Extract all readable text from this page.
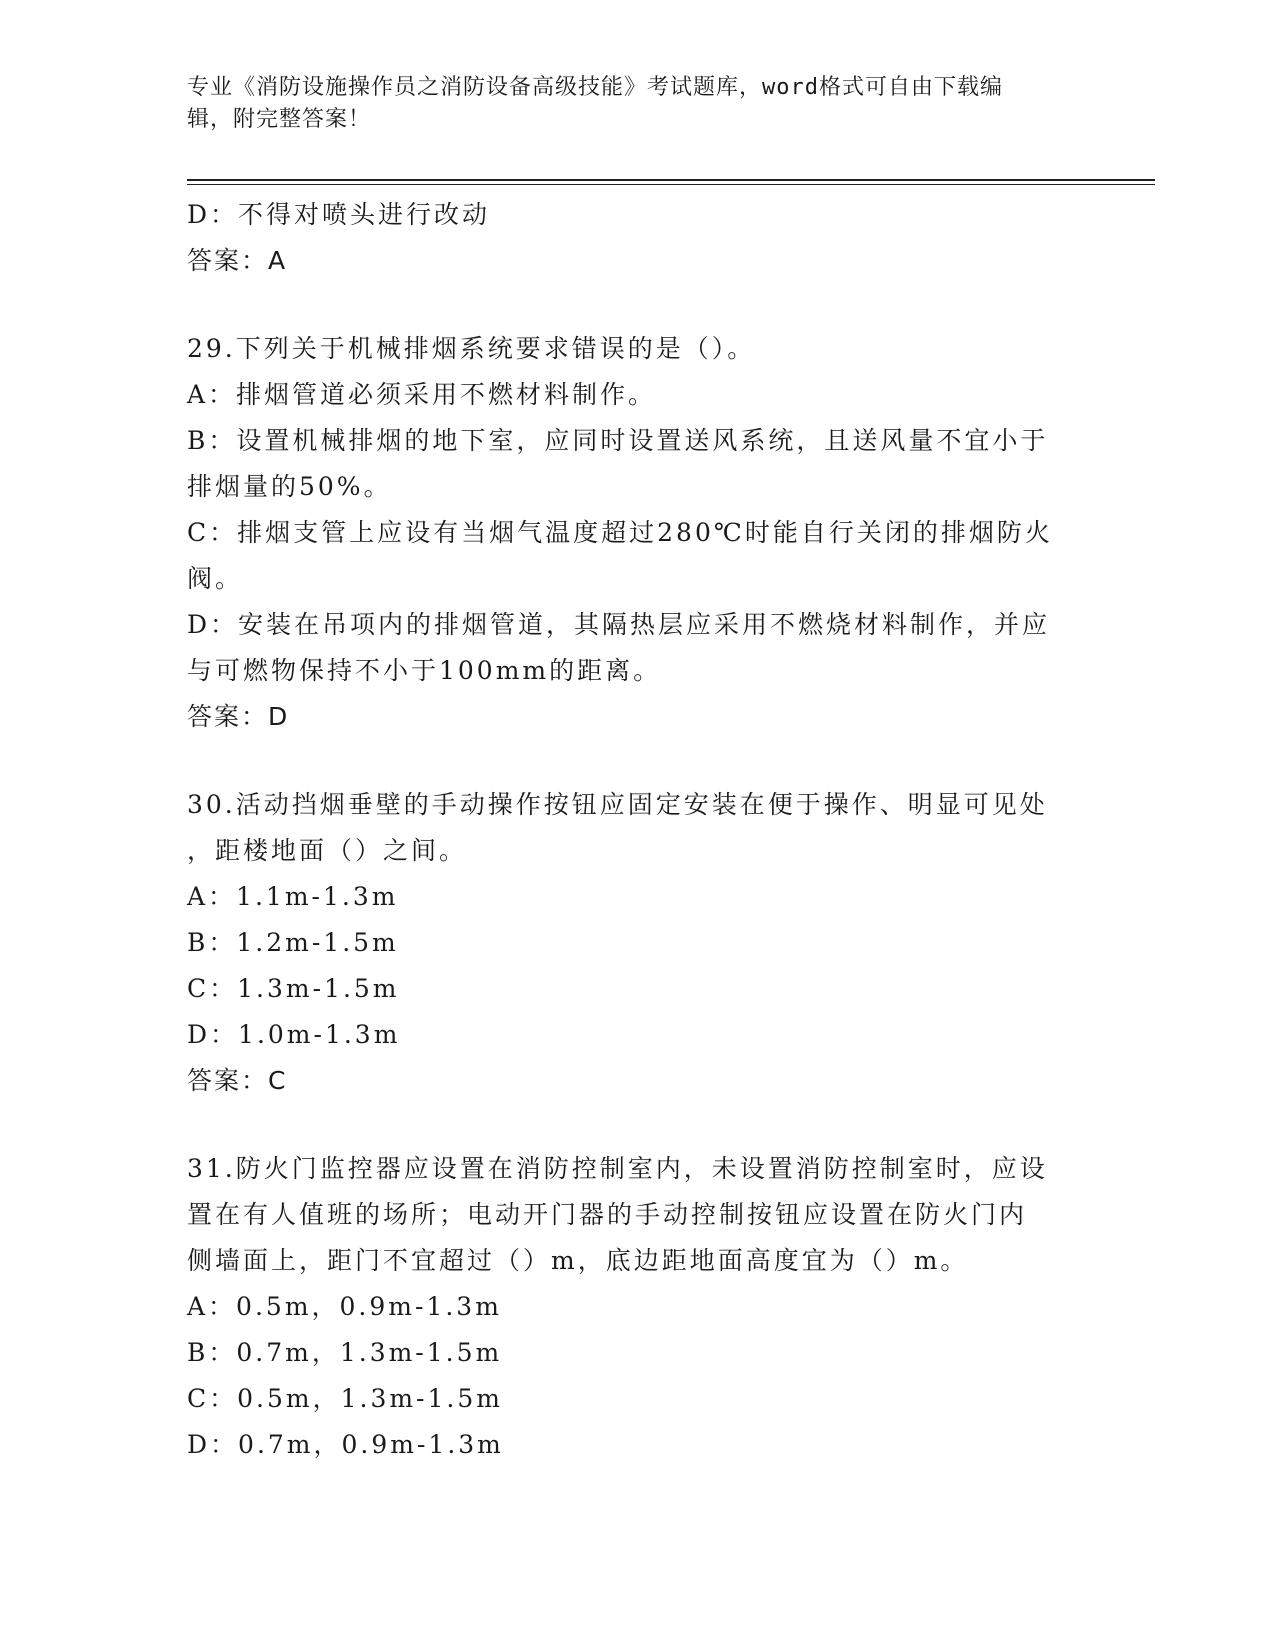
专业《消防设施操作员之消防设备高级技能》考试题库，word格式可自由下载编
辑，附完整答案！
D：不得对喷头进行改动
答案：A
29.下列关于机械排烟系统要求错误的是（）。
A：排烟管道必须采用不燃材料制作。
B：设置机械排烟的地下室，应同时设置送风系统，且送风量不宜小于
排烟量的50%。
C：排烟支管上应设有当烟气温度超过280℃时能自行关闭的排烟防火
阀。
D：安装在吊项内的排烟管道，其隔热层应采用不燃烧材料制作，并应
与可燃物保持不小于100mm的距离。
答案：D
30.活动挡烟垂壁的手动操作按钮应固定安装在便于操作、明显可见处
，距楼地面（）之间。
A：1.1m-1.3m
B：1.2m-1.5m
C：1.3m-1.5m
D：1.0m-1.3m
答案：C
31.防火门监控器应设置在消防控制室内，未设置消防控制室时，应设
置在有人值班的场所；电动开门器的手动控制按钮应设置在防火门内
侧墙面上，距门不宜超过（）m，底边距地面高度宜为（）m。
A：0.5m，0.9m-1.3m
B：0.7m，1.3m-1.5m
C：0.5m，1.3m-1.5m
D：0.7m，0.9m-1.3m
